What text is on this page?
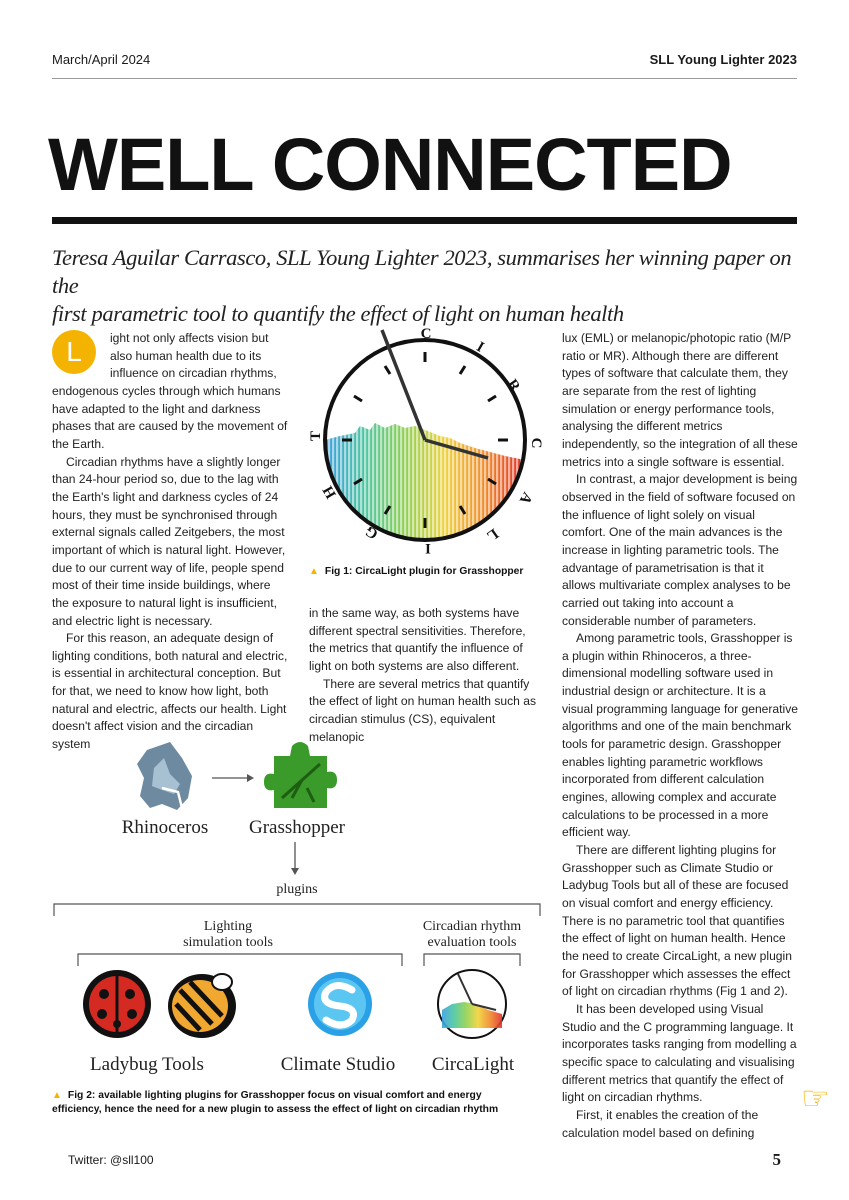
March/April 2024	SLL Young Lighter 2023
WELL CONNECTED
Teresa Aguilar Carrasco, SLL Young Lighter 2023, summarises her winning paper on the
first parametric tool to quantify the effect of light on human health
L	ight not only affects vision but also human health due to its influence on circadian rhythms, endogenous cycles through which humans have adapted to the light and darkness phases that are caused by the movement of the Earth.

Circadian rhythms have a slightly longer than 24-hour period so, due to the lag with the Earth's light and darkness cycles of 24 hours, they must be synchronised through external signals called Zeitgebers, the most important of which is natural light. However, due to our current way of life, people spend most of their time inside buildings, where the exposure to natural light is insufficient, and electric light is necessary.

For this reason, an adequate design of lighting conditions, both natural and electric, is essential in architectural conception. But for that, we need to know how light, both natural and electric, affects our health. Light doesn't affect vision and the circadian system

C
I
R
C
A
L
I
G
H
T
▲ Fig 1: CircaLight plugin for Grasshopper

in the same way, as both systems have different spectral sensitivities. Therefore, the metrics that quantify the influence of light on both systems are also different.

There are several metrics that quantify the effect of light on human health such as circadian stimulus (CS), equivalent melanopic

lux (EML) or melanopic/photopic ratio (M/P ratio or MR). Although there are different types of software that calculate them, they are separate from the rest of lighting simulation or energy performance tools, analysing the different metrics independently, so the integration of all these metrics into a single software is essential.

In contrast, a major development is being observed in the field of software focused on the influence of light solely on visual comfort. One of the main advances is the increase in lighting parametric tools. The advantage of parametrisation is that it allows multivariate complex analyses to be carried out taking into account a considerable number of parameters.

Among parametric tools, Grasshopper is a plugin within Rhinoceros, a three-dimensional modelling software used in industrial design or architecture. It is a visual programming language for generative algorithms and one of the main benchmark tools for parametric design. Grasshopper enables lighting parametric workflows incorporated from different calculation engines, allowing complex and accurate calculations to be processed in a more efficient way.

There are different lighting plugins for Grasshopper such as Climate Studio or Ladybug Tools but all of these are focused on visual comfort and energy efficiency. There is no parametric tool that quantifies the effect of light on human health. Hence the need to create CircaLight, a new plugin for Grasshopper which assesses the effect of light on circadian rhythms (Fig 1 and 2).

It has been developed using Visual Studio and the C programming language. It incorporates tasks ranging from modelling a specific space to calculating and visualising different metrics that quantify the effect of light on circadian rhythms.

First, it enables the creation of the calculation model based on defining

Rhinoceros Grasshopper
plugins
Lighting
simulation tools
Circadian rhythm
evaluation tools
Ladybug Tools	Climate Studio CircaLight
▲ Fig 2: available lighting plugins for Grasshopper focus on visual comfort and energy efficiency, hence the need for a new plugin to assess the effect of light on circadian rhythm	☞
Twitter: @sll100	5
